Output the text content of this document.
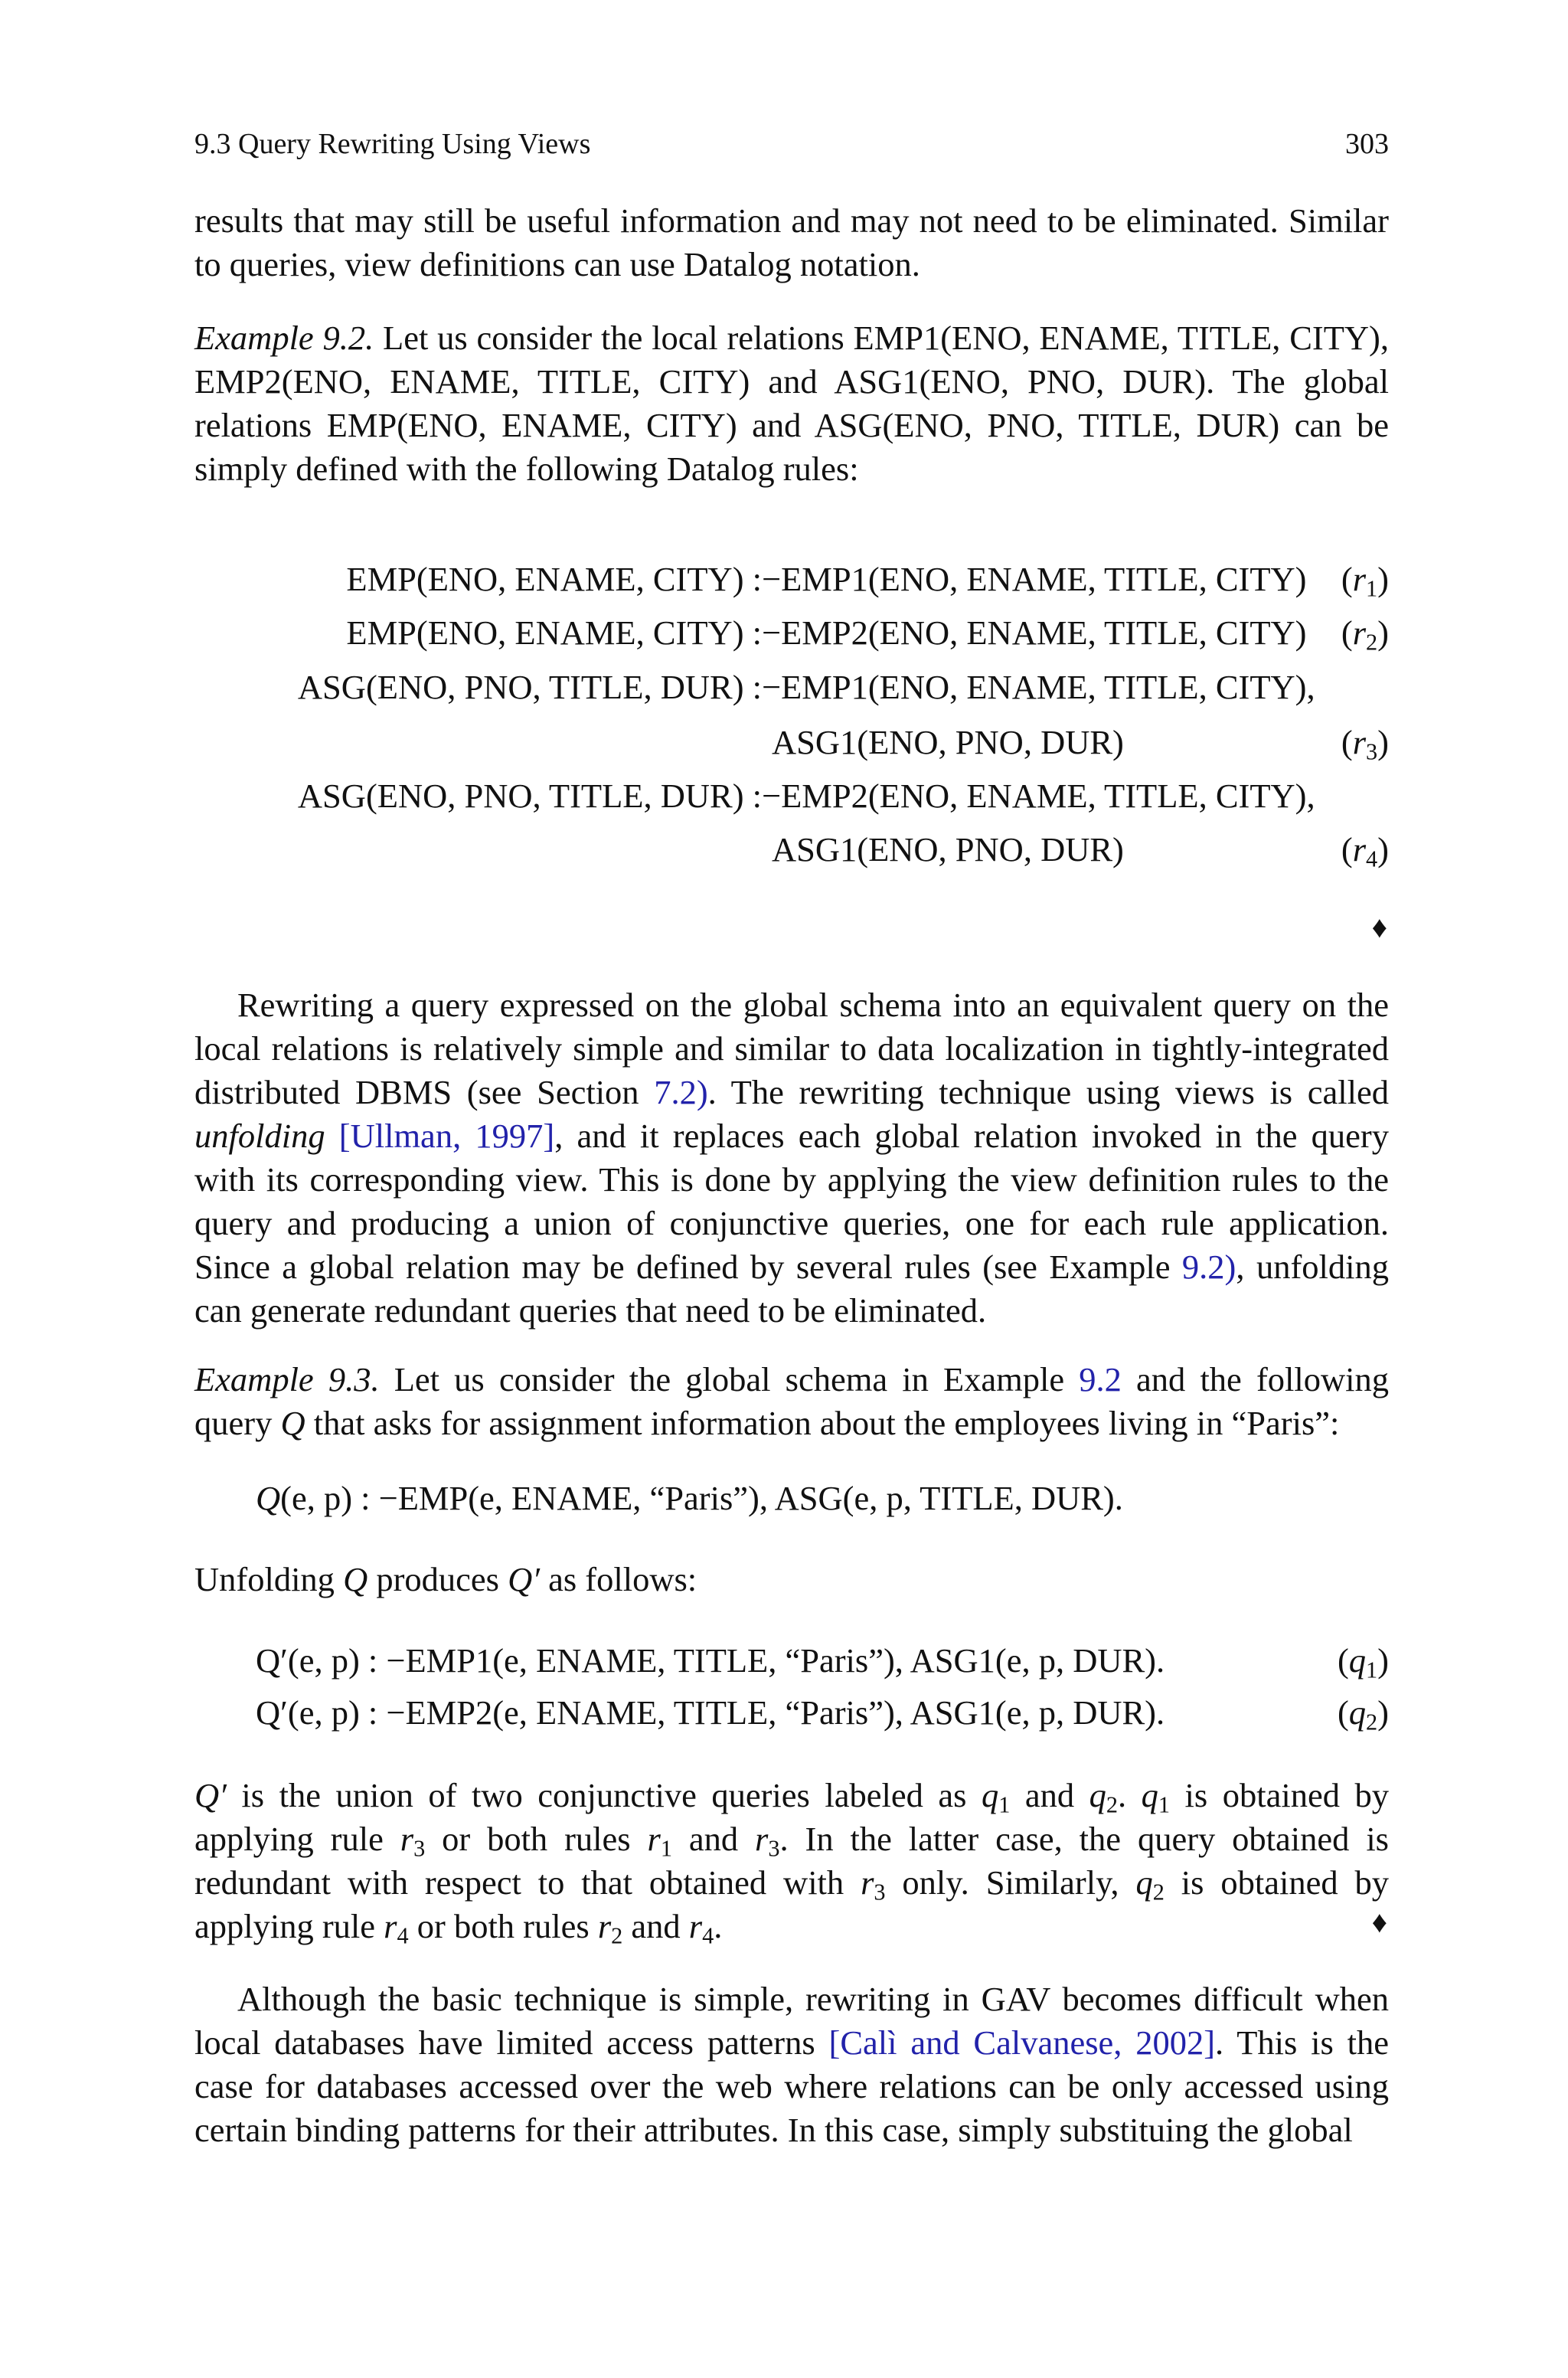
9.3 Query Rewriting Using Views	303

results that may still be useful information and may not need to be eliminated. Similar to queries, view definitions can use Datalog notation.

Example 9.2. Let us consider the local relations EMP1(ENO, ENAME, TITLE, CITY), EMP2(ENO, ENAME, TITLE, CITY) and ASG1(ENO, PNO, DUR). The global relations EMP(ENO, ENAME, CITY) and ASG(ENO, PNO, TITLE, DUR) can be simply defined with the following Datalog rules:

EMP(ENO, ENAME, CITY) : −EMP1(ENO, ENAME, TITLE, CITY) $(r_1)$
EMP(ENO, ENAME, CITY) : −EMP2(ENO, ENAME, TITLE, CITY) $(r_2)$
ASG(ENO, PNO, TITLE, DUR) : −EMP1(ENO, ENAME, TITLE, CITY),
ASG1(ENO, PNO, DUR)	$(r_3)$
ASG(ENO, PNO, TITLE, DUR) : −EMP2(ENO, ENAME, TITLE, CITY),
ASG1(ENO, PNO, DUR)	$(r_4)$
♦

Rewriting a query expressed on the global schema into an equivalent query on the local relations is relatively simple and similar to data localization in tightly-integrated distributed DBMS (see Section 7.2). The rewriting technique using views is called unfolding [Ullman, 1997], and it replaces each global relation invoked in the query with its corresponding view. This is done by applying the view definition rules to the query and producing a union of conjunctive queries, one for each rule application. Since a global relation may be defined by several rules (see Example 9.2), unfolding can generate redundant queries that need to be eliminated.

Example 9.3. Let us consider the global schema in Example 9.2 and the following query Q that asks for assignment information about the employees living in “Paris”:

Q(e, p) : −EMP(e, ENAME, “Paris”), ASG(e, p, TITLE, DUR).

Unfolding Q produces Q′ as follows:

Q′(e, p) : −EMP1(e, ENAME, TITLE, “Paris”), ASG1(e, p, DUR).	$(q_1)$
Q′(e, p) : −EMP2(e, ENAME, TITLE, “Paris”), ASG1(e, p, DUR).	$(q_2)$

Q′ is the union of two conjunctive queries labeled as $q_1$ and $q_2$. $q_1$ is obtained by applying rule $r_3$ or both rules $r_1$ and $r_3$. In the latter case, the query obtained is redundant with respect to that obtained with $r_3$ only. Similarly, $q_2$ is obtained by applying rule $r_4$ or both rules $r_2$ and $r_4$.	♦

Although the basic technique is simple, rewriting in GAV becomes difficult when local databases have limited access patterns [Calì and Calvanese, 2002]. This is the case for databases accessed over the web where relations can be only accessed using certain binding patterns for their attributes. In this case, simply substituing the global
